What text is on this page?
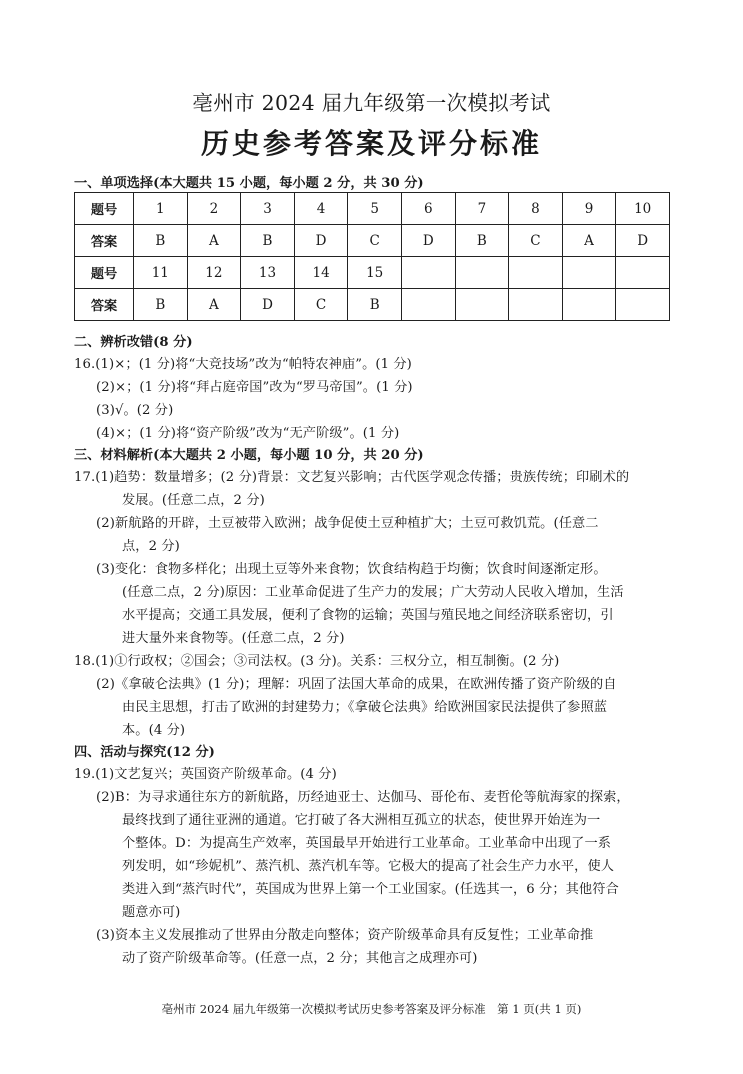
亳州市 2024 届九年级第一次模拟考试
历史参考答案及评分标准
一、单项选择(本大题共 15 小题，每小题 2 分，共 30 分)
题号	1	2	3	4	5	6	7	8	9	10
答案	B	A	B	D	C	D	B	C	A	D
题号	11	12	13	14	15					
答案	B	A	D	C	B					
二、辨析改错(8 分)
16.(1)×；(1 分)将“大竞技场”改为“帕特农神庙”。(1 分)
(2)×；(1 分)将“拜占庭帝国”改为“罗马帝国”。(1 分)
(3)√。(2 分)
(4)×；(1 分)将“资产阶级”改为“无产阶级”。(1 分)
三、材料解析(本大题共 2 小题，每小题 10 分，共 20 分)
17.(1)趋势：数量增多；(2 分)背景：文艺复兴影响；古代医学观念传播；贵族传统；印刷术的
发展。(任意二点，2 分)
(2)新航路的开辟，土豆被带入欧洲；战争促使土豆种植扩大；土豆可救饥荒。(任意二
点，2 分)
(3)变化：食物多样化；出现土豆等外来食物；饮食结构趋于均衡；饮食时间逐渐定形。
(任意二点，2 分)原因：工业革命促进了生产力的发展；广大劳动人民收入增加，生活
水平提高；交通工具发展，便利了食物的运输；英国与殖民地之间经济联系密切，引
进大量外来食物等。(任意二点，2 分)
18.(1)①行政权；②国会；③司法权。(3 分)。关系：三权分立，相互制衡。(2 分)
(2)《拿破仑法典》(1 分)；理解：巩固了法国大革命的成果，在欧洲传播了资产阶级的自
由民主思想，打击了欧洲的封建势力；《拿破仑法典》给欧洲国家民法提供了参照蓝
本。(4 分)
四、活动与探究(12 分)
19.(1)文艺复兴；英国资产阶级革命。(4 分)
(2)B：为寻求通往东方的新航路，历经迪亚士、达伽马、哥伦布、麦哲伦等航海家的探索，
最终找到了通往亚洲的通道。它打破了各大洲相互孤立的状态，使世界开始连为一
个整体。D：为提高生产效率，英国最早开始进行工业革命。工业革命中出现了一系
列发明，如“珍妮机”、蒸汽机、蒸汽机车等。它极大的提高了社会生产力水平，使人
类进入到“蒸汽时代”，英国成为世界上第一个工业国家。(任选其一，6 分；其他符合
题意亦可)
(3)资本主义发展推动了世界由分散走向整体；资产阶级革命具有反复性；工业革命推
动了资产阶级革命等。(任意一点，2 分；其他言之成理亦可)
亳州市 2024 届九年级第一次模拟考试历史参考答案及评分标准　第 1 页(共 1 页)
